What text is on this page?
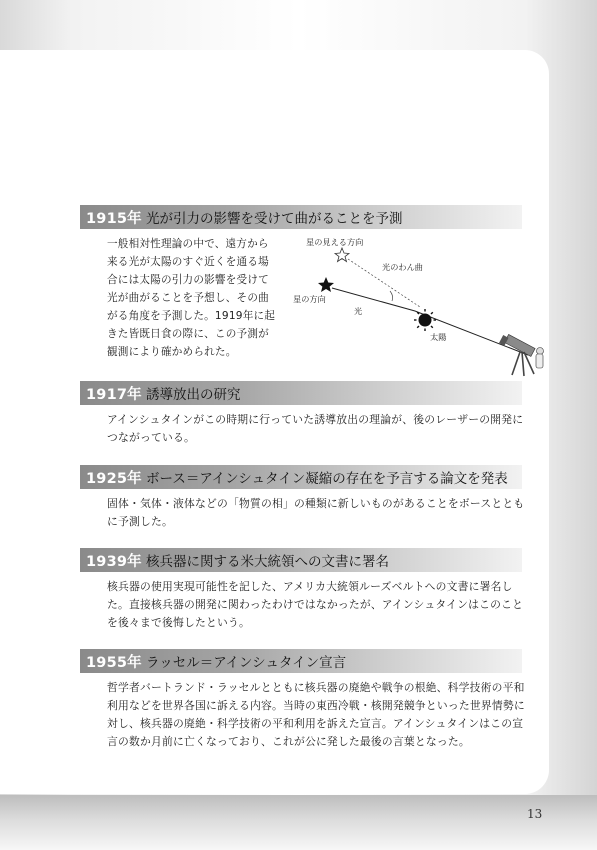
1915年 光が引力の影響を受けて曲がることを予測
一般相対性理論の中で、遠方から来る光が太陽のすぐ近くを通る場合には太陽の引力の影響を受けて光が曲がることを予想し、その曲がる角度を予測した。1919年に起きた皆既日食の際に、この予測が観測により確かめられた。
星の見える方向
光のわん曲
星の方向
光
太陽
1917年 誘導放出の研究
アインシュタインがこの時期に行っていた誘導放出の理論が、後のレーザーの開発につながっている。
1925年 ボース＝アインシュタイン凝縮の存在を予言する論文を発表
固体・気体・液体などの「物質の相」の種類に新しいものがあることをボースとともに予測した。
1939年 核兵器に関する米大統領への文書に署名
核兵器の使用実現可能性を記した、アメリカ大統領ルーズベルトへの文書に署名した。直接核兵器の開発に関わったわけではなかったが、アインシュタインはこのことを後々まで後悔したという。
1955年 ラッセル＝アインシュタイン宣言
哲学者バートランド・ラッセルとともに核兵器の廃絶や戦争の根絶、科学技術の平和利用などを世界各国に訴える内容。当時の東西冷戦・核開発競争といった世界情勢に対し、核兵器の廃絶・科学技術の平和利用を訴えた宣言。アインシュタインはこの宣言の数か月前に亡くなっており、これが公に発した最後の言葉となった。
13
